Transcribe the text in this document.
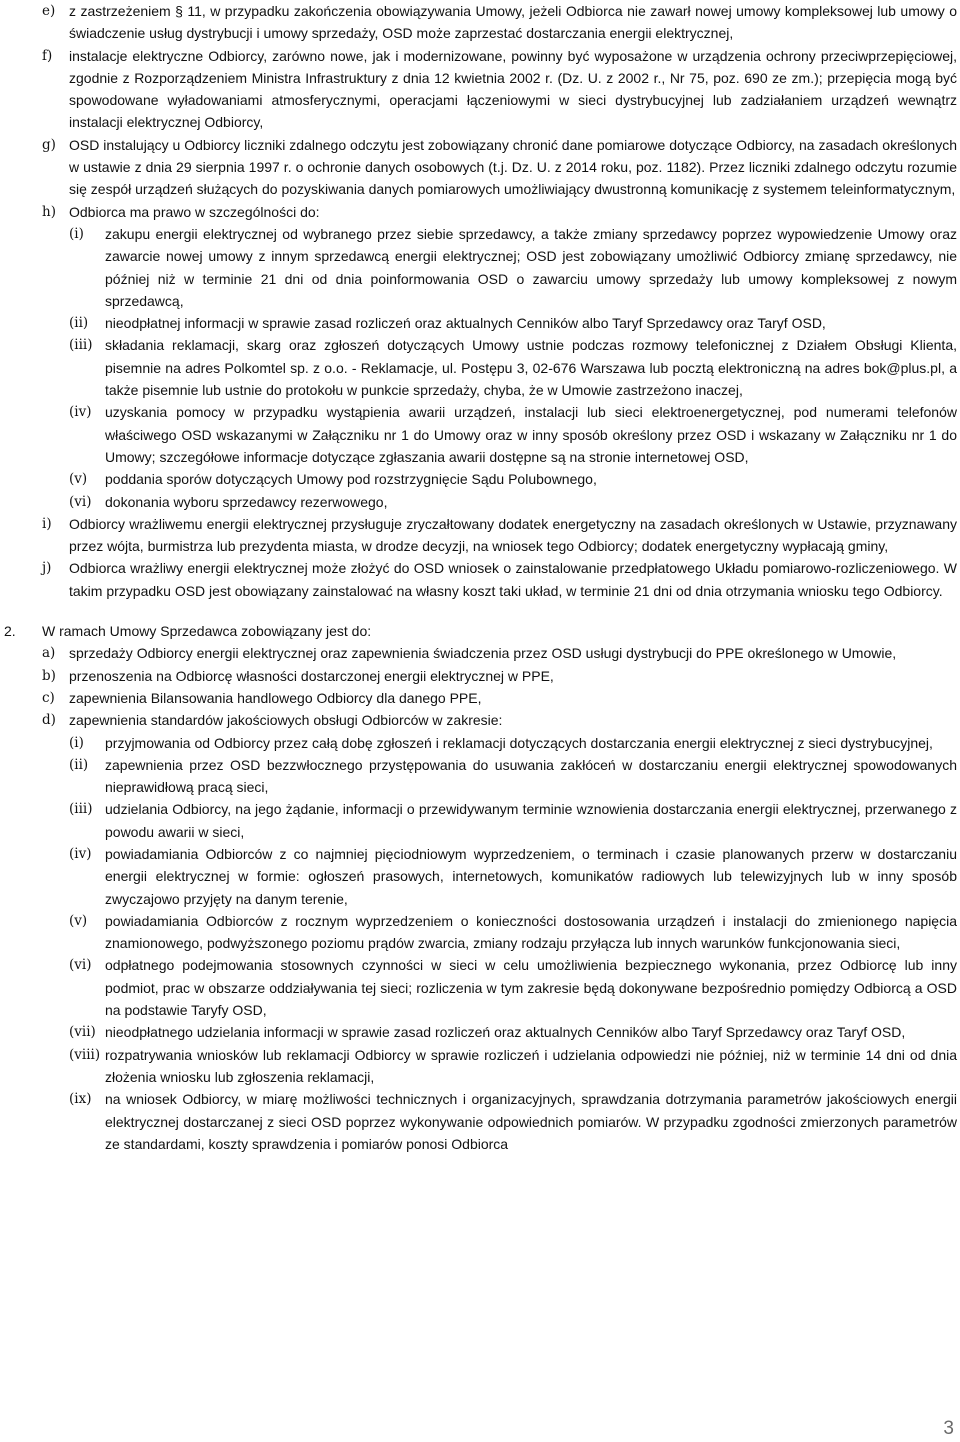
e) z zastrzeżeniem § 11, w przypadku zakończenia obowiązywania Umowy, jeżeli Odbiorca nie zawarł nowej umowy kompleksowej lub umowy o świadczenie usług dystrybucji i umowy sprzedaży, OSD może zaprzestać dostarczania energii elektrycznej,
f) instalacje elektryczne Odbiorcy, zarówno nowe, jak i modernizowane, powinny być wyposażone w urządzenia ochrony przeciwprzepięciowej, zgodnie z Rozporządzeniem Ministra Infrastruktury z dnia 12 kwietnia 2002 r. (Dz. U. z 2002 r., Nr 75, poz. 690 ze zm.); przepięcia mogą być spowodowane wyładowaniami atmosferycznymi, operacjami łączeniowymi w sieci dystrybucyjnej lub zadziałaniem urządzeń wewnątrz instalacji elektrycznej Odbiorcy,
g) OSD instalujący u Odbiorcy liczniki zdalnego odczytu jest zobowiązany chronić dane pomiarowe dotyczące Odbiorcy, na zasadach określonych w ustawie z dnia 29 sierpnia 1997 r. o ochronie danych osobowych (t.j. Dz. U. z 2014 roku, poz. 1182). Przez liczniki zdalnego odczytu rozumie się zespół urządzeń służących do pozyskiwania danych pomiarowych umożliwiający dwustronną komunikację z systemem teleinformatycznym,
h) Odbiorca ma prawo w szczególności do:
(i) zakupu energii elektrycznej od wybranego przez siebie sprzedawcy, a także zmiany sprzedawcy poprzez wypowiedzenie Umowy oraz zawarcie nowej umowy z innym sprzedawcą energii elektrycznej; OSD jest zobowiązany umożliwić Odbiorcy zmianę sprzedawcy, nie później niż w terminie 21 dni od dnia poinformowania OSD o zawarciu umowy sprzedaży lub umowy kompleksowej z nowym sprzedawcą,
(ii) nieodpłatnej informacji w sprawie zasad rozliczeń oraz aktualnych Cenników albo Taryf Sprzedawcy oraz Taryf OSD,
(iii) składania reklamacji, skarg oraz zgłoszeń dotyczących Umowy ustnie podczas rozmowy telefonicznej z Działem Obsługi Klienta, pisemnie na adres Polkomtel sp. z o.o. - Reklamacje, ul. Postępu 3, 02-676 Warszawa lub pocztą elektroniczną na adres bok@plus.pl, a także pisemnie lub ustnie do protokołu w punkcie sprzedaży, chyba, że w Umowie zastrzeżono inaczej,
(iv) uzyskania pomocy w przypadku wystąpienia awarii urządzeń, instalacji lub sieci elektroenergetycznej, pod numerami telefonów właściwego OSD wskazanymi w Załączniku nr 1 do Umowy oraz w inny sposób określony przez OSD i wskazany w Załączniku nr 1 do Umowy; szczegółowe informacje dotyczące zgłaszania awarii dostępne są na stronie internetowej OSD,
(v) poddania sporów dotyczących Umowy pod rozstrzygnięcie Sądu Polubownego,
(vi) dokonania wyboru sprzedawcy rezerwowego,
i) Odbiorcy wrażliwemu energii elektrycznej przysługuje zryczałtowany dodatek energetyczny na zasadach określonych w Ustawie, przyznawany przez wójta, burmistrza lub prezydenta miasta, w drodze decyzji, na wniosek tego Odbiorcy; dodatek energetyczny wypłacają gminy,
j) Odbiorca wrażliwy energii elektrycznej może złożyć do OSD wniosek o zainstalowanie przedpłatowego Układu pomiarowo-rozliczeniowego. W takim przypadku OSD jest obowiązany zainstalować na własny koszt taki układ, w terminie 21 dni od dnia otrzymania wniosku tego Odbiorcy.
2. W ramach Umowy Sprzedawca zobowiązany jest do:
a) sprzedaży Odbiorcy energii elektrycznej oraz zapewnienia świadczenia przez OSD usługi dystrybucji do PPE określonego w Umowie,
b) przenoszenia na Odbiorcę własności dostarczonej energii elektrycznej w PPE,
c) zapewnienia Bilansowania handlowego Odbiorcy dla danego PPE,
d) zapewnienia standardów jakościowych obsługi Odbiorców w zakresie:
(i) przyjmowania od Odbiorcy przez całą dobę zgłoszeń i reklamacji dotyczących dostarczania energii elektrycznej z sieci dystrybucyjnej,
(ii) zapewnienia przez OSD bezzwłocznego przystępowania do usuwania zakłóceń w dostarczaniu energii elektrycznej spowodowanych nieprawidłową pracą sieci,
(iii) udzielania Odbiorcy, na jego żądanie, informacji o przewidywanym terminie wznowienia dostarczania energii elektrycznej, przerwanego z powodu awarii w sieci,
(iv) powiadamiania Odbiorców z co najmniej pięciodniowym wyprzedzeniem, o terminach i czasie planowanych przerw w dostarczaniu energii elektrycznej w formie: ogłoszeń prasowych, internetowych, komunikatów radiowych lub telewizyjnych lub w inny sposób zwyczajowo przyjęty na danym terenie,
(v) powiadamiania Odbiorców z rocznym wyprzedzeniem o konieczności dostosowania urządzeń i instalacji do zmienionego napięcia znamionowego, podwyższonego poziomu prądów zwarcia, zmiany rodzaju przyłącza lub innych warunków funkcjonowania sieci,
(vi) odpłatnego podejmowania stosownych czynności w sieci w celu umożliwienia bezpiecznego wykonania, przez Odbiorcę lub inny podmiot, prac w obszarze oddziaływania tej sieci; rozliczenia w tym zakresie będą dokonywane bezpośrednio pomiędzy Odbiorcą a OSD na podstawie Taryfy OSD,
(vii) nieodpłatnego udzielania informacji w sprawie zasad rozliczeń oraz aktualnych Cenników albo Taryf Sprzedawcy oraz Taryf OSD,
(viii) rozpatrywania wniosków lub reklamacji Odbiorcy w sprawie rozliczeń i udzielania odpowiedzi nie później, niż w terminie 14 dni od dnia złożenia wniosku lub zgłoszenia reklamacji,
(ix) na wniosek Odbiorcy, w miarę możliwości technicznych i organizacyjnych, sprawdzania dotrzymania parametrów jakościowych energii elektrycznej dostarczanej z sieci OSD poprzez wykonywanie odpowiednich pomiarów. W przypadku zgodności zmierzonych parametrów ze standardami, koszty sprawdzenia i pomiarów ponosi Odbiorca
3
